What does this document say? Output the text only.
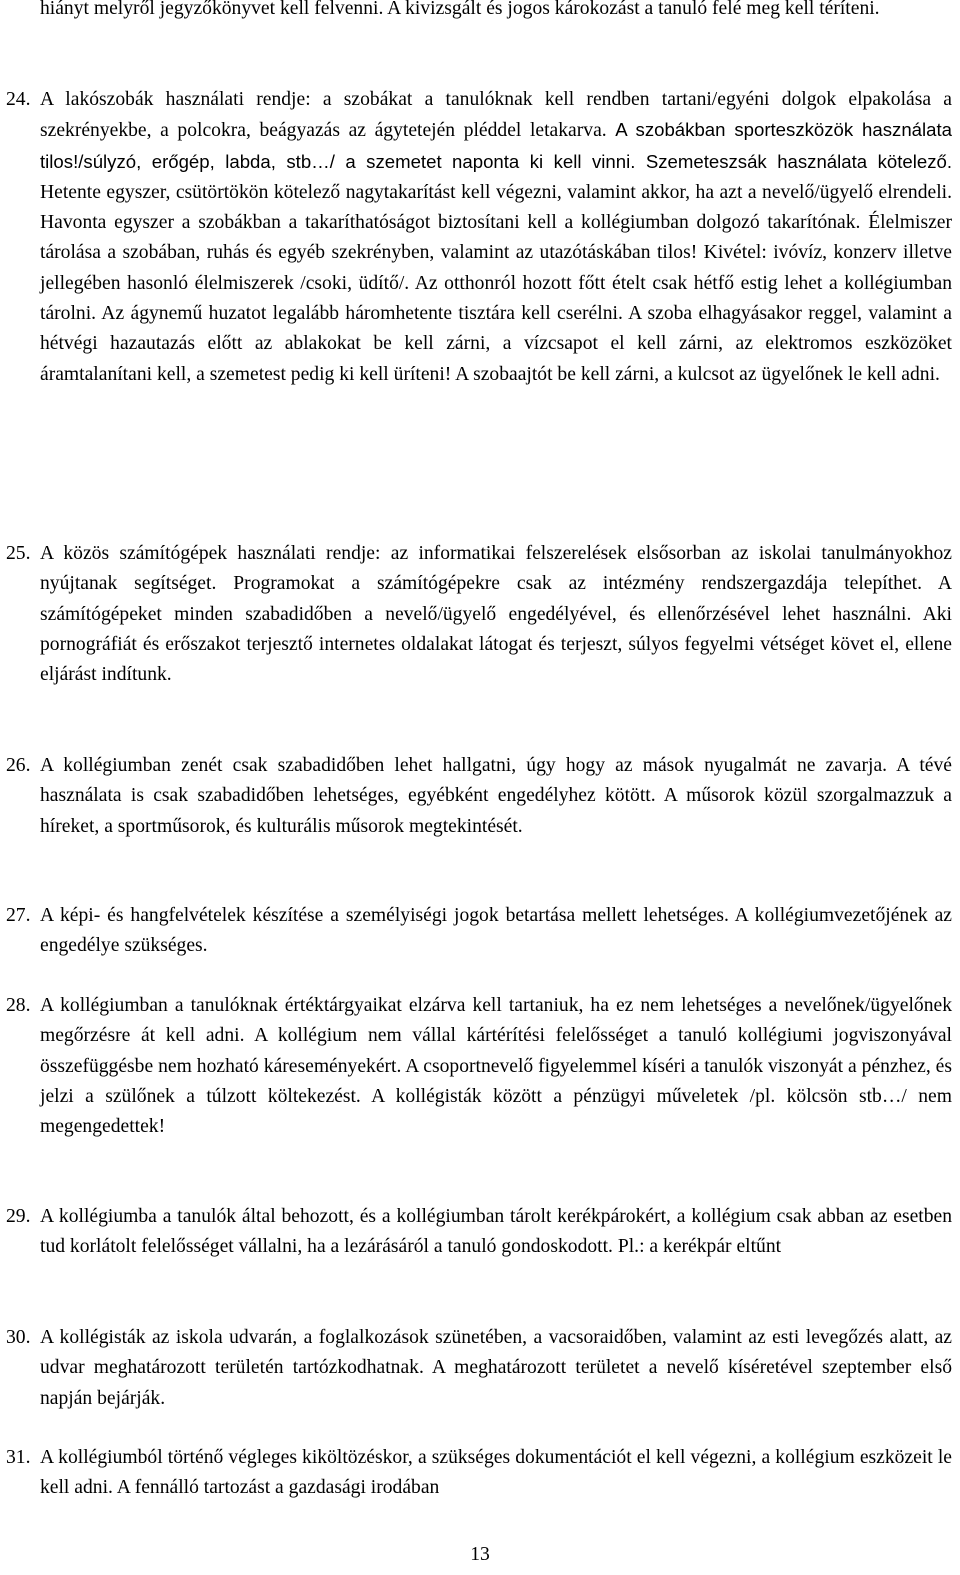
hiányt melyről jegyzőkönyvet kell felvenni. A kivizsgált és jogos károkozást a tanuló felé meg kell téríteni.
24. A lakószobák használati rendje: a szobákat a tanulóknak kell rendben tartani/egyéni dolgok elpakolása a szekrényekbe, a polcokra, beágyazás az ágytetején pléddel letakarva. A szobákban sporteszközök használata tilos!/súlyzó, erőgép, labda, stb…/ a szemetet naponta ki kell vinni. Szemeteszsák használata kötelező. Hetente egyszer, csütörtökön kötelező nagytakarítást kell végezni, valamint akkor, ha azt a nevelő/ügyelő elrendeli. Havonta egyszer a szobákban a takaríthatóságot biztosítani kell a kollégiumban dolgozó takarítónak. Élelmiszer tárolása a szobában, ruhás és egyéb szekrényben, valamint az utazótáskában tilos! Kivétel: ivóvíz, konzerv illetve jellegében hasonló élelmiszerek /csoki, üdítő/. Az otthonról hozott főtt ételt csak hétfő estig lehet a kollégiumban tárolni. Az ágynemű huzatot legalább háromhetente tisztára kell cserélni. A szoba elhagyásakor reggel, valamint a hétvégi hazautazás előtt az ablakokat be kell zárni, a vízcsapot el kell zárni, az elektromos eszközöket áramtalanítani kell, a szemetest pedig ki kell üríteni! A szobaajtót be kell zárni, a kulcsot az ügyelőnek le kell adni.
25. A közös számítógépek használati rendje: az informatikai felszerelések elsősorban az iskolai tanulmányokhoz nyújtanak segítséget. Programokat a számítógépekre csak az intézmény rendszergazdája telepíthet. A számítógépeket minden szabadidőben a nevelő/ügyelő engedélyével, és ellenőrzésével lehet használni. Aki pornográfiát és erőszakot terjesztő internetes oldalakat látogat és terjeszt, súlyos fegyelmi vétséget követ el, ellene eljárást indítunk.
26. A kollégiumban zenét csak szabadidőben lehet hallgatni, úgy hogy az mások nyugalmát ne zavarja. A tévé használata is csak szabadidőben lehetséges, egyébként engedélyhez kötött. A műsorok közül szorgalmazzuk a híreket, a sportműsorok, és kulturális műsorok megtekintését.
27. A képi- és hangfelvételek készítése a személyiségi jogok betartása mellett lehetséges. A kollégiumvezetőjének az engedélye szükséges.
28. A kollégiumban a tanulóknak értéktárgyaikat elzárva kell tartaniuk, ha ez nem lehetséges a nevelőnek/ügyelőnek megőrzésre át kell adni. A kollégium nem vállal kártérítési felelősséget a tanuló kollégiumi jogviszonyával összefüggésbe nem hozható káreseményekért. A csoportnevelő figyelemmel kíséri a tanulók viszonyát a pénzhez, és jelzi a szülőnek a túlzott költekezést. A kollégisták között a pénzügyi műveletek /pl. kölcsön stb…/ nem megengedettek!
29. A kollégiumba a tanulók által behozott, és a kollégiumban tárolt kerékpárokért, a kollégium csak abban az esetben tud korlátolt felelősséget vállalni, ha a lezárásáról a tanuló gondoskodott. Pl.: a kerékpár eltűnt
30. A kollégisták az iskola udvarán, a foglalkozások szünetében, a vacsoraidőben, valamint az esti levegőzés alatt, az udvar meghatározott területén tartózkodhatnak. A meghatározott területet a nevelő kíséretével szeptember első napján bejárják.
31. A kollégiumból történő végleges kiköltözéskor, a szükséges dokumentációt el kell végezni, a kollégium eszközeit le kell adni. A fennálló tartozást a gazdasági irodában
13
